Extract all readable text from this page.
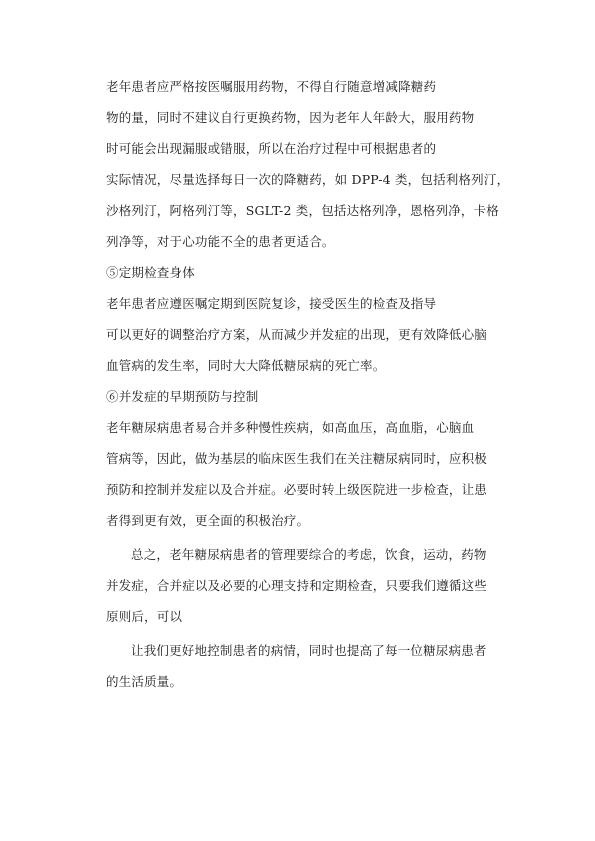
老年患者应严格按医嘱服用药物，不得自行随意增减降糖药
物的量，同时不建议自行更换药物，因为老年人年龄大，服用药物
时可能会出现漏服或错服，所以在治疗过程中可根据患者的
实际情况，尽量选择每日一次的降糖药，如 DPP-4 类，包括利格列汀，
沙格列汀，阿格列汀等，SGLT-2 类，包括达格列净，恩格列净，卡格
列净等，对于心功能不全的患者更适合。
⑤定期检查身体
老年患者应遵医嘱定期到医院复诊，接受医生的检查及指导
可以更好的调整治疗方案，从而减少并发症的出现，更有效降低心脑
血管病的发生率，同时大大降低糖尿病的死亡率。
⑥并发症的早期预防与控制
老年糖尿病患者易合并多种慢性疾病，如高血压，高血脂，心脑血
管病等，因此，做为基层的临床医生我们在关注糖尿病同时，应积极
预防和控制并发症以及合并症。必要时转上级医院进一步检查，让患
者得到更有效，更全面的积极治疗。
总之，老年糖尿病患者的管理要综合的考虑，饮食，运动，药物
并发症，合并症以及必要的心理支持和定期检查，只要我们遵循这些
原则后，可以
让我们更好地控制患者的病情，同时也提高了每一位糖尿病患者
的生活质量。
